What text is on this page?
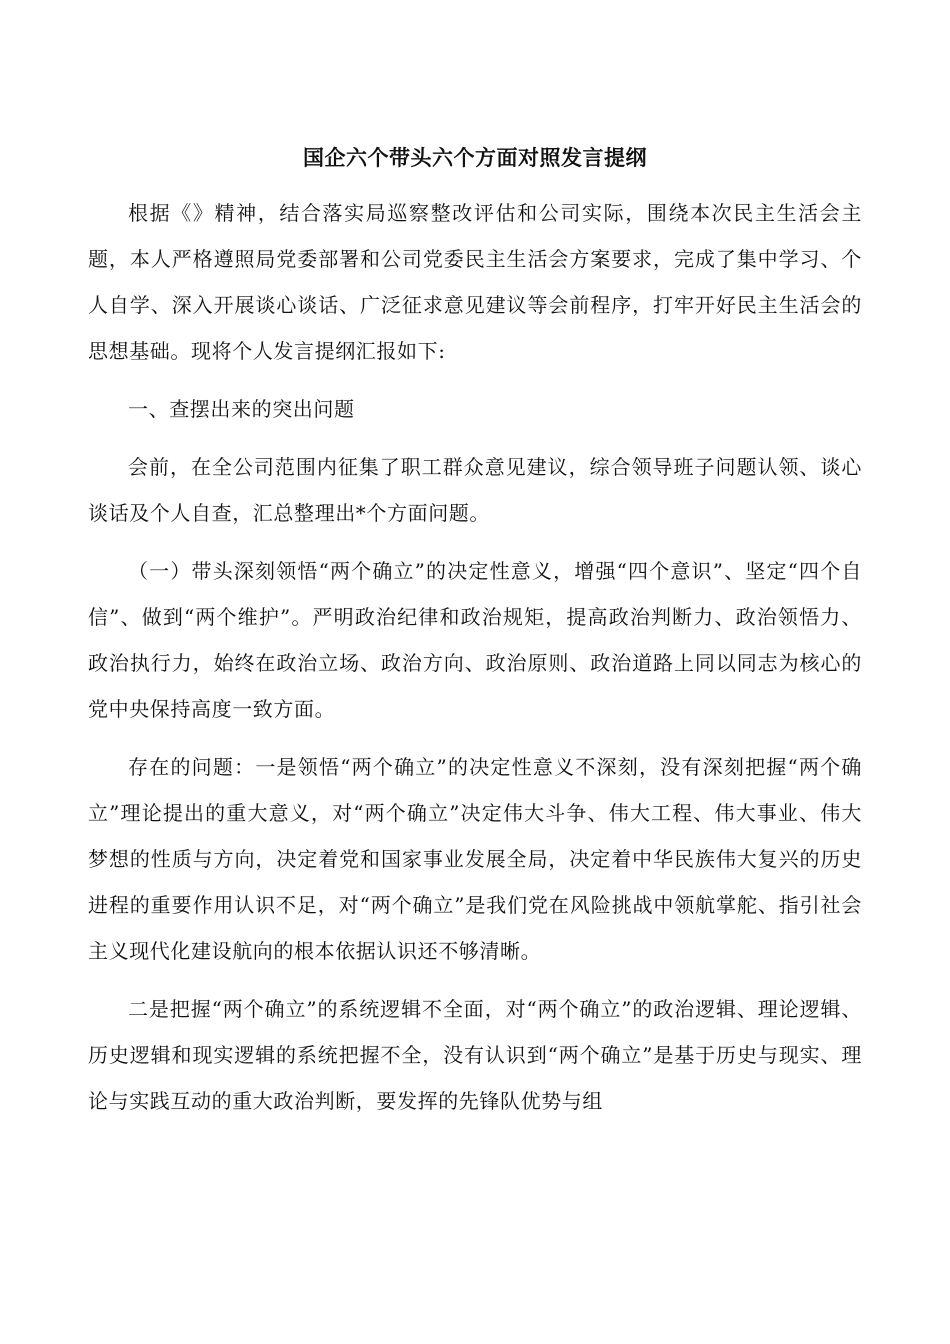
国企六个带头六个方面对照发言提纲

根据《》精神，结合落实局巡察整改评估和公司实际，围绕本次民主生活会主题，本人严格遵照局党委部署和公司党委民主生活会方案要求，完成了集中学习、个人自学、深入开展谈心谈话、广泛征求意见建议等会前程序，打牢开好民主生活会的思想基础。现将个人发言提纲汇报如下:

一、查摆出来的突出问题

会前，在全公司范围内征集了职工群众意见建议，综合领导班子问题认领、谈心谈话及个人自查，汇总整理出*个方面问题。

（一）带头深刻领悟“两个确立”的决定性意义，增强“四个意识”、坚定“四个自信”、做到“两个维护”。严明政治纪律和政治规矩，提高政治判断力、政治领悟力、政治执行力，始终在政治立场、政治方向、政治原则、政治道路上同以同志为核心的党中央保持高度一致方面。

存在的问题：一是领悟“两个确立”的决定性意义不深刻，没有深刻把握“两个确立”理论提出的重大意义，对“两个确立”决定伟大斗争、伟大工程、伟大事业、伟大梦想的性质与方向，决定着党和国家事业发展全局，决定着中华民族伟大复兴的历史进程的重要作用认识不足，对“两个确立”是我们党在风险挑战中领航掌舵、指引社会主义现代化建设航向的根本依据认识还不够清晰。

二是把握“两个确立”的系统逻辑不全面，对“两个确立”的政治逻辑、理论逻辑、历史逻辑和现实逻辑的系统把握不全，没有认识到“两个确立”是基于历史与现实、理论与实践互动的重大政治判断，要发挥的先锋队优势与组
